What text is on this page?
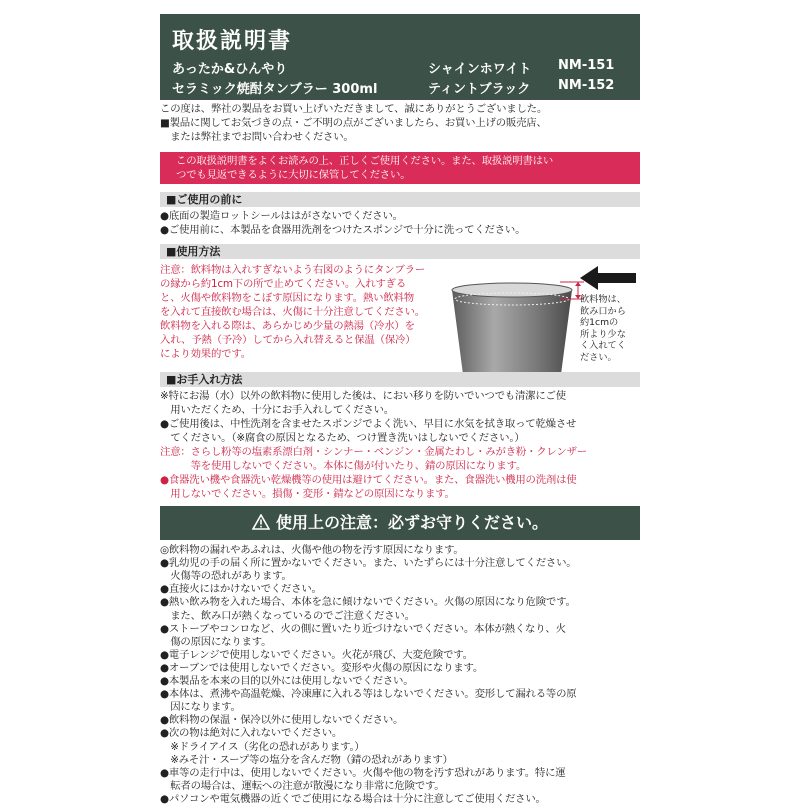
取扱説明書
あったか&ひんやり	シャインホワイト NM-151
セラミック焼酎タンブラー 300ml	ティントブラック NM-152
この度は、弊社の製品をお買い上げいただきまして、誠にありがとうございました。
■製品に関してお気づきの点・ご不明の点がございましたら、お買い上げの販売店、
　または弊社までお問い合わせください。
この取扱説明書をよくお読みの上、正しくご使用ください。また、取扱説明書はい
つでも見返できるように大切に保管してください。
■ご使用の前に
●底面の製造ロットシールははがさないでください。
●ご使用前に、本製品を食器用洗剤をつけたスポンジで十分に洗ってください。
■使用方法
注意：飲料物は入れすぎないよう右図のようにタンブラー
の縁から約1cm下の所で止めてください。入れすぎる
と、火傷や飲料物をこぼす原因になります。熱い飲料物
を入れて直接飲む場合は、火傷に十分注意してください。
飲料物を入れる際は、あらかじめ少量の熱湯（冷水）を
入れ、予熱（予冷）してから入れ替えると保温（保冷）
により効果的です。
飲料物は、
飲み口から
約1cmの
所より少な
く入れてく
ださい。
■お手入れ方法
※特にお湯（水）以外の飲料物に使用した後は、におい移りを防いでいつでも清潔にご使
　用いただくため、十分にお手入れしてください。
●ご使用後は、中性洗剤を含ませたスポンジでよく洗い、早目に水気を拭き取って乾燥させ
　てください。（※腐食の原因となるため、つけ置き洗いはしないでください。）
注意：さらし粉等の塩素系漂白剤・シンナー・ベンジン・金属たわし・みがき粉・クレンザー
　　　等を使用しないでください。本体に傷が付いたり、錆の原因になります。
●食器洗い機や食器洗い乾燥機等の使用は避けてください。また、食器洗い機用の洗剤は使
使用上の注意：必ずお守りください。
◎飲料物の漏れやあふれは、火傷や他の物を汚す原因になります。
●乳幼児の手の届く所に置かないでください。また、いたずらには十分注意してください。
　火傷等の恐れがあります。
●直接火にはかけないでください。
●熱い飲み物を入れた場合、本体を急に傾けないでください。火傷の原因になり危険です。
　また、飲み口が熱くなっているのでご注意ください。
●ストーブやコンロなど、火の側に置いたり近づけないでください。本体が熱くなり、火
　傷の原因になります。
●電子レンジで使用しないでください。火花が飛び、大変危険です。
●オーブンでは使用しないでください。変形や火傷の原因になります。
●本製品を本来の目的以外には使用しないでください。
●本体は、煮沸や高温乾燥、冷凍庫に入れる等はしないでください。変形して漏れる等の原
　因になります。
●飲料物の保温・保冷以外に使用しないでください。
●次の物は絶対に入れないでください。
　※ドライアイス（劣化の恐れがあります。）
　※みそ汁・スープ等の塩分を含んだ物（錆の恐れがあります）
●車等の走行中は、使用しないでください。火傷や他の物を汚す恐れがあります。特に運
　転者の場合は、運転への注意が散漫になり非常に危険です。
●パソコンや電気機器の近くでご使用になる場合は十分に注意してご使用ください。
　用しないでください。損傷・変形・錆などの原因になります。
